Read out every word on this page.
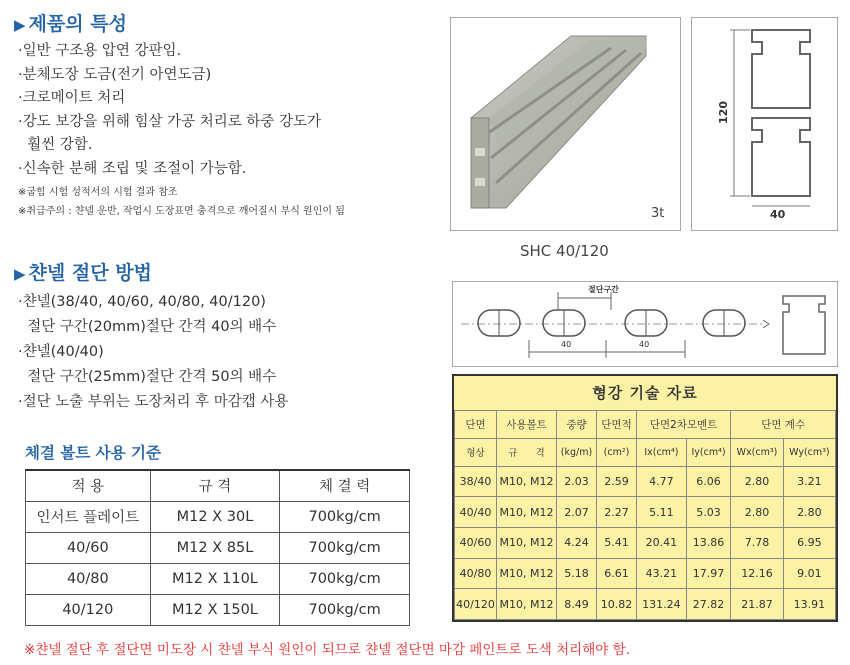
▶ 제품의 특성
·일반 구조용 압연 강판임.
·분체도장 도금(전기 아연도금)
·크로메이트 처리
·강도 보강을 위해 힘살 가공 처리로 하중 강도가
훨씬 강함.
·신속한 분해 조립 및 조절이 가능함.
※굽힘 시험 성적서의 시험 결과 참조
※취급주의 : 챤넬 운반, 작업시 도장표면 충격으로 깨어질시 부식 원인이 됨
▶ 챤넬 절단 방법
·챤넬(38/40, 40/60, 40/80, 40/120)
절단 구간(20mm)절단 간격 40의 배수
·챤넬(40/40)
절단 구간(25mm)절단 간격 50의 배수
·절단 노출 부위는 도장처리 후 마감캡 사용
체결 볼트 사용 기준
적 용	규 격	체 결 력
인서트 플레이트	M12 X 30L	700kg/cm
40/60	M12 X 85L	700kg/cm
40/80	M12 X 110L	700kg/cm
40/120	M12 X 150L	700kg/cm
3t
SHC 40/120
120
40
절단구간
40	40
형강 기술 자료							
단면	사용볼트	중량	단면적	단면2차모멘트		단면 계수	
형상	규      격	(kg/m)	(cm²)	Ix(cm⁴)	Iy(cm⁴)	Wx(cm³)	Wy(cm³)
38/40	M10, M12	2.03	2.59	4.77	6.06	2.80	3.21
40/40	M10, M12	2.07	2.27	5.11	5.03	2.80	2.80
40/60	M10, M12	4.24	5.41	20.41	13.86	7.78	6.95
40/80	M10, M12	5.18	6.61	43.21	17.97	12.16	9.01
40/120	M10, M12	8.49	10.82	131.24	27.82	21.87	13.91
※챤넬 절단 후 절단면 미도장 시 챤넬 부식 원인이 되므로 챤넬 절단면 마감 페인트로 도색 처리해야 함.
